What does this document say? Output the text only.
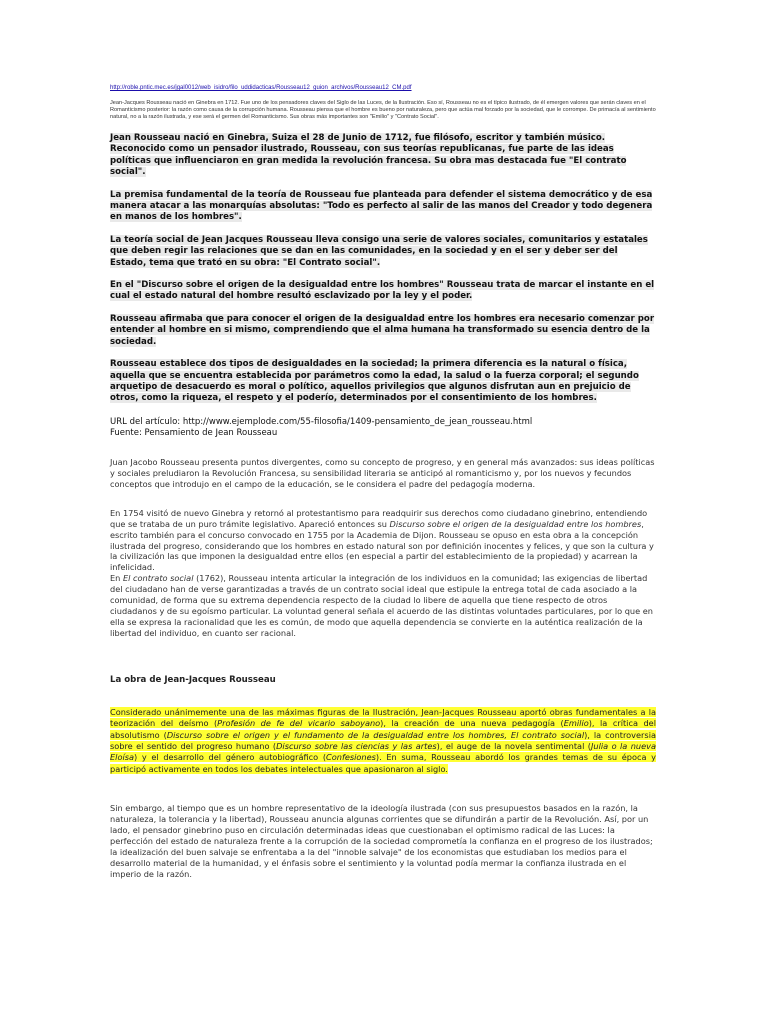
http://roble.pntic.mec.es/jgal0012/web_isidro/filo_uddidacticas/Rousseau12_guion_archivos/Rousseau12_CM.pdf

Jean-Jacques Rousseau nació en Ginebra en 1712. Fue uno de los pensadores claves del Siglo de las Luces, de la Ilustración. Eso sí, Rousseau no es el típico ilustrado, de él emergen valores que serán claves en el Romanticismo posterior: la razón como causa de la corrupción humana. Rousseau piensa que el hombre es bueno por naturaleza, pero que actúa mal forzado por la sociedad, que le corrompe. De primacía al sentimiento natural, no a la razón ilustrada, y ese será el germen del Romanticismo. Sus obras más importantes son "Emilio" y "Contrato Social".

Jean Rousseau nació en Ginebra, Suiza el 28 de Junio de 1712, fue filósofo, escritor y también músico. Reconocido como un pensador ilustrado, Rousseau, con sus teorías republicanas, fue parte de las ideas políticas que influenciaron en gran medida la revolución francesa. Su obra mas destacada fue "El contrato social".

La premisa fundamental de la teoría de Rousseau fue planteada para defender el sistema democrático y de esa manera atacar a las monarquías absolutas: "Todo es perfecto al salir de las manos del Creador y todo degenera en manos de los hombres".

La teoría social de Jean Jacques Rousseau lleva consigo una serie de valores sociales, comunitarios y estatales que deben regir las relaciones que se dan en las comunidades, en la sociedad y en el ser y deber ser del Estado, tema que trató en su obra: "El Contrato social".

En el "Discurso sobre el origen de la desigualdad entre los hombres" Rousseau trata de marcar el instante en el cual el estado natural del hombre resultó esclavizado por la ley y el poder.

Rousseau afirmaba que para conocer el origen de la desigualdad entre los hombres era necesario comenzar por entender al hombre en si mismo, comprendiendo que el alma humana ha transformado su esencia dentro de la sociedad.

Rousseau establece dos tipos de desigualdades en la sociedad; la primera diferencia es la natural o física, aquella que se encuentra establecida por parámetros como la edad, la salud o la fuerza corporal; el segundo arquetipo de desacuerdo es moral o político, aquellos privilegios que algunos disfrutan aun en prejuicio de otros, como la riqueza, el respeto y el poderío, determinados por el consentimiento de los hombres.

URL del artículo: http://www.ejemplode.com/55-filosofia/1409-pensamiento_de_jean_rousseau.html

Fuente: Pensamiento de Jean Rousseau

Juan Jacobo Rousseau presenta puntos divergentes, como su concepto de progreso, y en general más avanzados: sus ideas políticas y sociales preludiaron la Revolución Francesa, su sensibilidad literaria se anticipó al romanticismo y, por los nuevos y fecundos conceptos que introdujo en el campo de la educación, se le considera el padre del pedagogía moderna.

En 1754 visitó de nuevo Ginebra y retornó al protestantismo para readquirir sus derechos como ciudadano ginebrino, entendiendo que se trataba de un puro trámite legislativo. Apareció entonces su Discurso sobre el origen de la desigualdad entre los hombres, escrito también para el concurso convocado en 1755 por la Academia de Dijon. Rousseau se opuso en esta obra a la concepción ilustrada del progreso, considerando que los hombres en estado natural son por definición inocentes y felices, y que son la cultura y la civilización las que imponen la desigualdad entre ellos (en especial a partir del establecimiento de la propiedad) y acarrean la infelicidad.
En El contrato social (1762), Rousseau intenta articular la integración de los individuos en la comunidad; las exigencias de libertad del ciudadano han de verse garantizadas a través de un contrato social ideal que estipule la entrega total de cada asociado a la comunidad, de forma que su extrema dependencia respecto de la ciudad lo libere de aquella que tiene respecto de otros ciudadanos y de su egoísmo particular. La voluntad general señala el acuerdo de las distintas voluntades particulares, por lo que en ella se expresa la racionalidad que les es común, de modo que aquella dependencia se convierte en la auténtica realización de la libertad del individuo, en cuanto ser racional.

La obra de Jean-Jacques Rousseau

Considerado unánimemente una de las máximas figuras de la Ilustración, Jean-Jacques Rousseau aportó obras fundamentales a la teorización del deísmo (Profesión de fe del vicario saboyano), la creación de una nueva pedagogía (Emilio), la crítica del absolutismo (Discurso sobre el origen y el fundamento de la desigualdad entre los hombres, El contrato social), la controversia sobre el sentido del progreso humano (Discurso sobre las ciencias y las artes), el auge de la novela sentimental (Julia o la nueva Eloísa) y el desarrollo del género autobiográfico (Confesiones). En suma, Rousseau abordó los grandes temas de su época y participó activamente en todos los debates intelectuales que apasionaron al siglo.

Sin embargo, al tiempo que es un hombre representativo de la ideología ilustrada (con sus presupuestos basados en la razón, la naturaleza, la tolerancia y la libertad), Rousseau anuncia algunas corrientes que se difundirán a partir de la Revolución. Así, por un lado, el pensador ginebrino puso en circulación determinadas ideas que cuestionaban el optimismo radical de las Luces: la perfección del estado de naturaleza frente a la corrupción de la sociedad comprometía la confianza en el progreso de los ilustrados; la idealización del buen salvaje se enfrentaba a la del "innoble salvaje" de los economistas que estudiaban los medios para el desarrollo material de la humanidad, y el énfasis sobre el sentimiento y la voluntad podía mermar la confianza ilustrada en el imperio de la razón.
